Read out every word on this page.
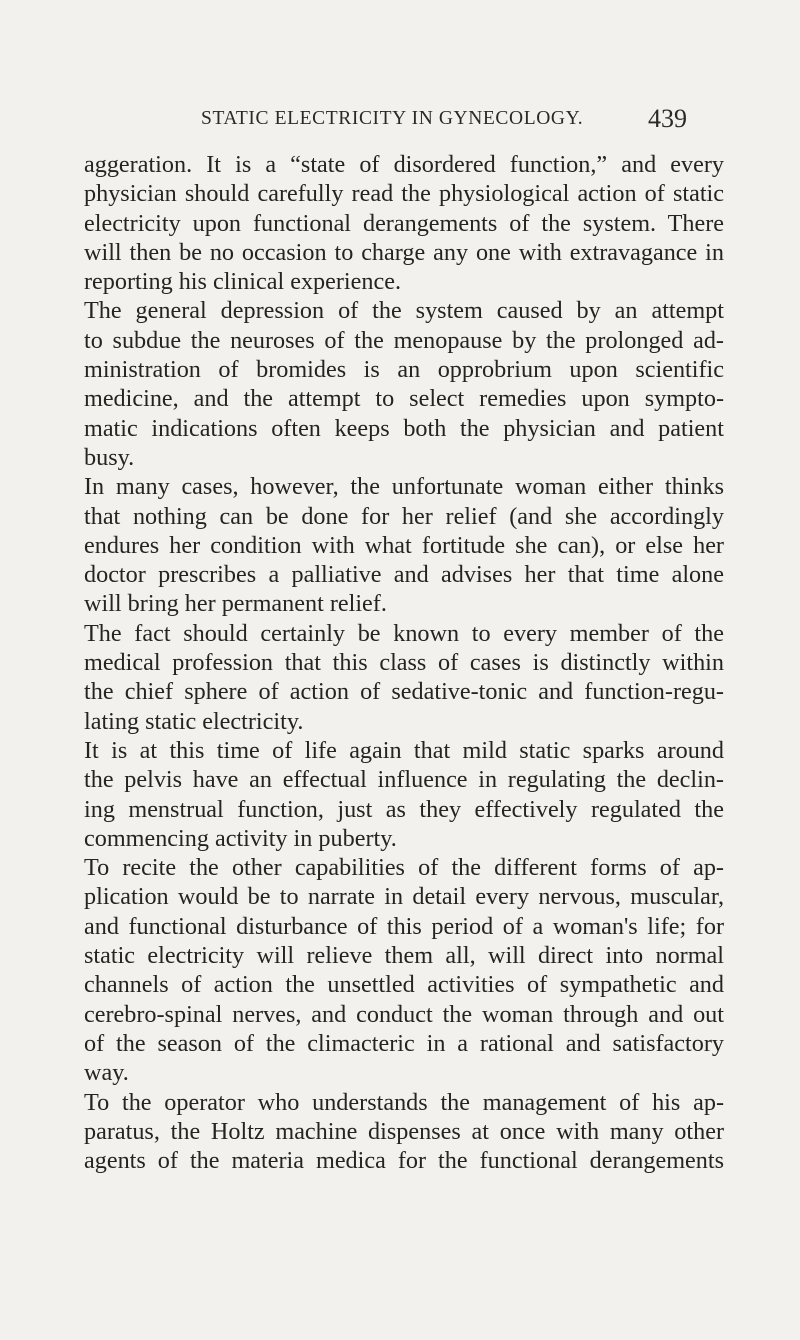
STATIC ELECTRICITY IN GYNECOLOGY. 439
aggeration. It is a “state of disordered function,” and every
physician should carefully read the physiological action of static
electricity upon functional derangements of the system. There
will then be no occasion to charge any one with extravagance in
reporting his clinical experience.
The general depression of the system caused by an attempt
to subdue the neuroses of the menopause by the prolonged ad-
ministration of bromides is an opprobrium upon scientific
medicine, and the attempt to select remedies upon sympto-
matic indications often keeps both the physician and patient
busy.
In many cases, however, the unfortunate woman either thinks
that nothing can be done for her relief (and she accordingly
endures her condition with what fortitude she can), or else her
doctor prescribes a palliative and advises her that time alone
will bring her permanent relief.
The fact should certainly be known to every member of the
medical profession that this class of cases is distinctly within
the chief sphere of action of sedative-tonic and function-regu-
lating static electricity.
It is at this time of life again that mild static sparks around
the pelvis have an effectual influence in regulating the declin-
ing menstrual function, just as they effectively regulated the
commencing activity in puberty.
To recite the other capabilities of the different forms of ap-
plication would be to narrate in detail every nervous, muscular,
and functional disturbance of this period of a woman's life; for
static electricity will relieve them all, will direct into normal
channels of action the unsettled activities of sympathetic and
cerebro-spinal nerves, and conduct the woman through and out
of the season of the climacteric in a rational and satisfactory
way.
To the operator who understands the management of his ap-
paratus, the Holtz machine dispenses at once with many other
agents of the materia medica for the functional derangements
